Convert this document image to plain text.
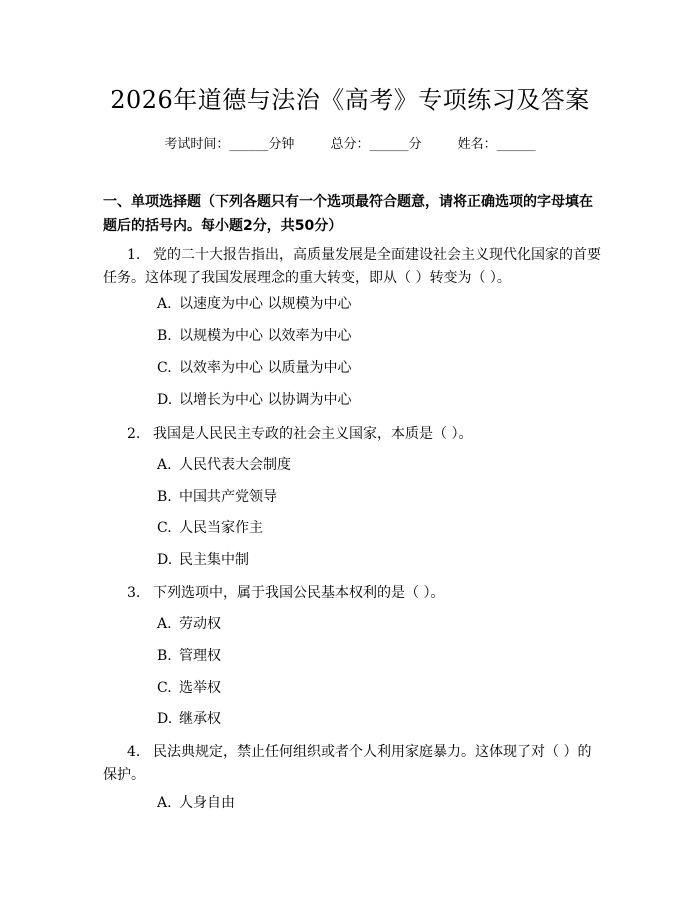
2026年道德与法治《高考》专项练习及答案
考试时间：______分钟	总分：______分	姓名：______
一、单项选择题（下列各题只有一个选项最符合题意，请将正确选项的字母填在题后的括号内。每小题2分，共50分）
1. 党的二十大报告指出，高质量发展是全面建设社会主义现代化国家的首要任务。这体现了我国发展理念的重大转变，即从（ ）转变为（ ）。
A. 以速度为中心 以规模为中心
B. 以规模为中心 以效率为中心
C. 以效率为中心 以质量为中心
D. 以增长为中心 以协调为中心
2. 我国是人民民主专政的社会主义国家，本质是（ ）。
A. 人民代表大会制度
B. 中国共产党领导
C. 人民当家作主
D. 民主集中制
3. 下列选项中，属于我国公民基本权利的是（ ）。
A. 劳动权
B. 管理权
C. 选举权
D. 继承权
4. 民法典规定，禁止任何组织或者个人利用家庭暴力。这体现了对（ ）的保护。
A. 人身自由
